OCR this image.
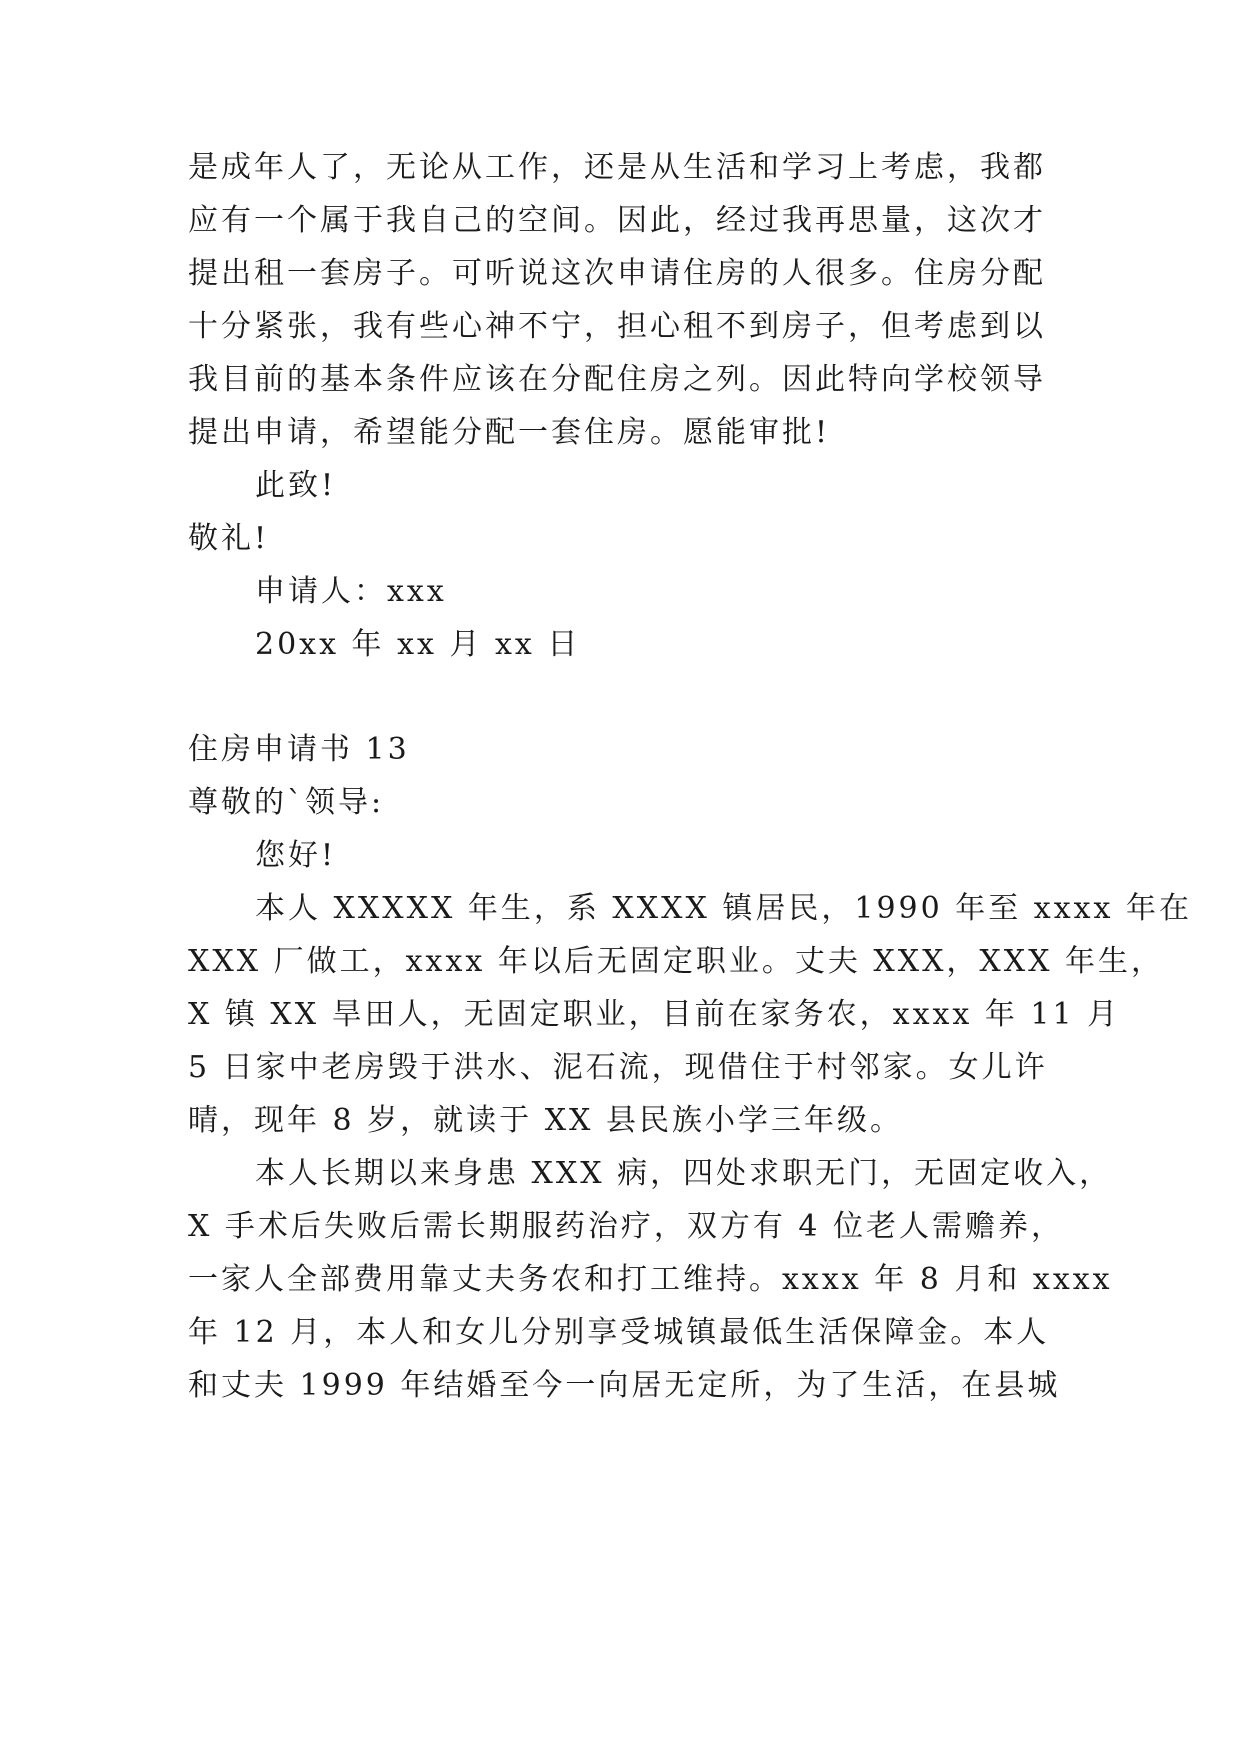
是成年人了，无论从工作，还是从生活和学习上考虑，我都
应有一个属于我自己的空间。因此，经过我再思量，这次才
提出租一套房子。可听说这次申请住房的人很多。住房分配
十分紧张，我有些心神不宁，担心租不到房子，但考虑到以
我目前的基本条件应该在分配住房之列。因此特向学校领导
提出申请，希望能分配一套住房。愿能审批!
此致!
敬礼!
申请人：xxx
20xx 年 xx 月 xx 日
住房申请书 13
尊敬的`领导:
您好!
本人 XXXXX 年生，系 XXXX 镇居民，1990 年至 xxxx 年在
XXX 厂做工，xxxx 年以后无固定职业。丈夫 XXX，XXX 年生，
X 镇 XX 旱田人，无固定职业，目前在家务农，xxxx 年 11 月
5 日家中老房毁于洪水、泥石流，现借住于村邻家。女儿许
晴，现年 8 岁，就读于 XX 县民族小学三年级。
本人长期以来身患 XXX 病，四处求职无门，无固定收入，
X 手术后失败后需长期服药治疗，双方有 4 位老人需赡养，
一家人全部费用靠丈夫务农和打工维持。xxxx 年 8 月和 xxxx
年 12 月，本人和女儿分别享受城镇最低生活保障金。本人
和丈夫 1999 年结婚至今一向居无定所，为了生活，在县城
